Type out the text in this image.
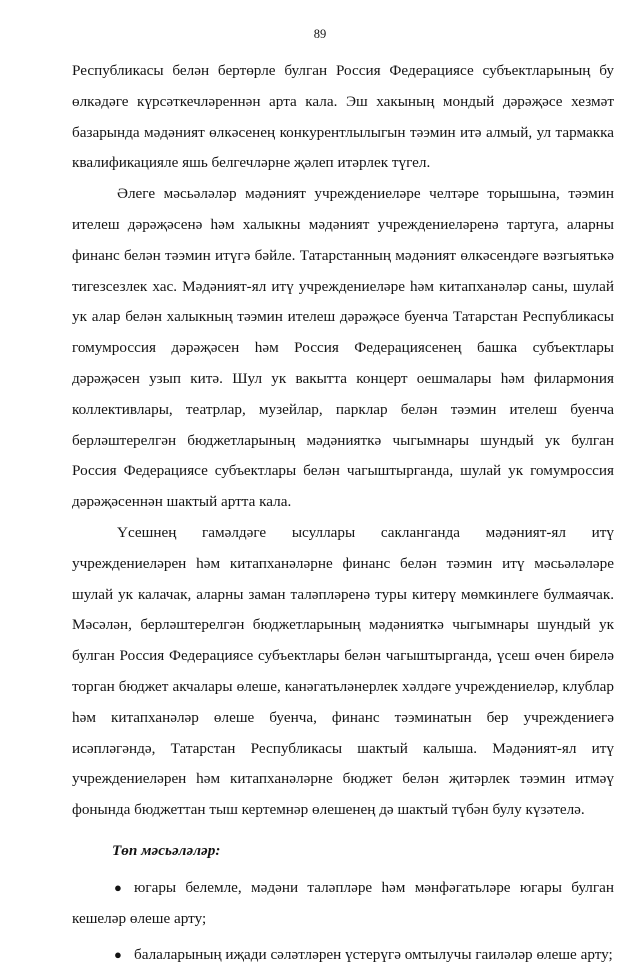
89

Республикасы белән бертөрле булган Россия Федерациясе субъектларының бу өлкәдәге күрсәткечләреннән арта кала. Эш хакының мондый дәрәҗәсе хезмәт базарында мәдәният өлкәсенең конкурентлылыгын тәэмин итә алмый, ул тармакка квалификацияле яшь белгечләрне җәлеп итәрлек түгел.

Әлеге мәсьәләләр мәдәният учреждениеләре челтәре торышына, тәэмин ителеш дәрәҗәсенә һәм халыкны мәдәният учреждениеләренә тартуга, аларны финанс белән тәэмин итүгә бәйле. Татарстанның мәдәният өлкәсендәге вәзгыятькә тигезсезлек хас. Мәдәният-ял итү учреждениеләре һәм китапханәләр саны, шулай ук алар белән халыкның тәэмин ителеш дәрәҗәсе буенча Татарстан Республикасы гомумроссия дәрәҗәсен һәм Россия Федерациясенең башка субъектлары дәрәҗәсен узып китә. Шул ук вакытта концерт оешмалары һәм филармония коллективлары, театрлар, музейлар, парклар белән тәэмин ителеш буенча берләштерелгән бюджетларының мәдәнияткә чыгымнары шундый ук булган Россия Федерациясе субъектлары белән чагыштырганда, шулай ук гомумроссия дәрәҗәсеннән шактый артта кала.

Үсешнең гамәлдәге ысуллары саклангандa мәдәният-ял итү учреждениеләрен һәм китапханәләрне финанс белән тәэмин итү мәсьәләләре шулай ук калачак, аларны заман таләпләренә туры китерү мөмкинлеге булмаячак. Мәсәлән, берләштерелгән бюджетларының мәдәнияткә чыгымнары шундый ук булган Россия Федерациясе субъектлары белән чагыштырганда, үсеш өчен бирелә торган бюджет акчалары өлеше, канәгатьләнерлек хәлдәге учреждениеләр, клублар һәм китапханәләр өлеше буенча, финанс тәэминатын бер учреждениегә исәпләгәндә, Татарстан Республикасы шактый калыша. Мәдәният-ял итү учреждениеләрен һәм китапханәләрне бюджет белән җитәрлек тәэмин итмәү фонында бюджеттан тыш кертемнәр өлешенең дә шактый түбән булу күзәтелә.

Төп мәсьәләләр:

● югары белемле, мәдәни таләпләре һәм мәнфәгатьләре югары булган кешеләр өлеше арту;
● балаларының иҗади сәләтләрен үстерүгә омтылучы гаиләләр өлеше арту;
